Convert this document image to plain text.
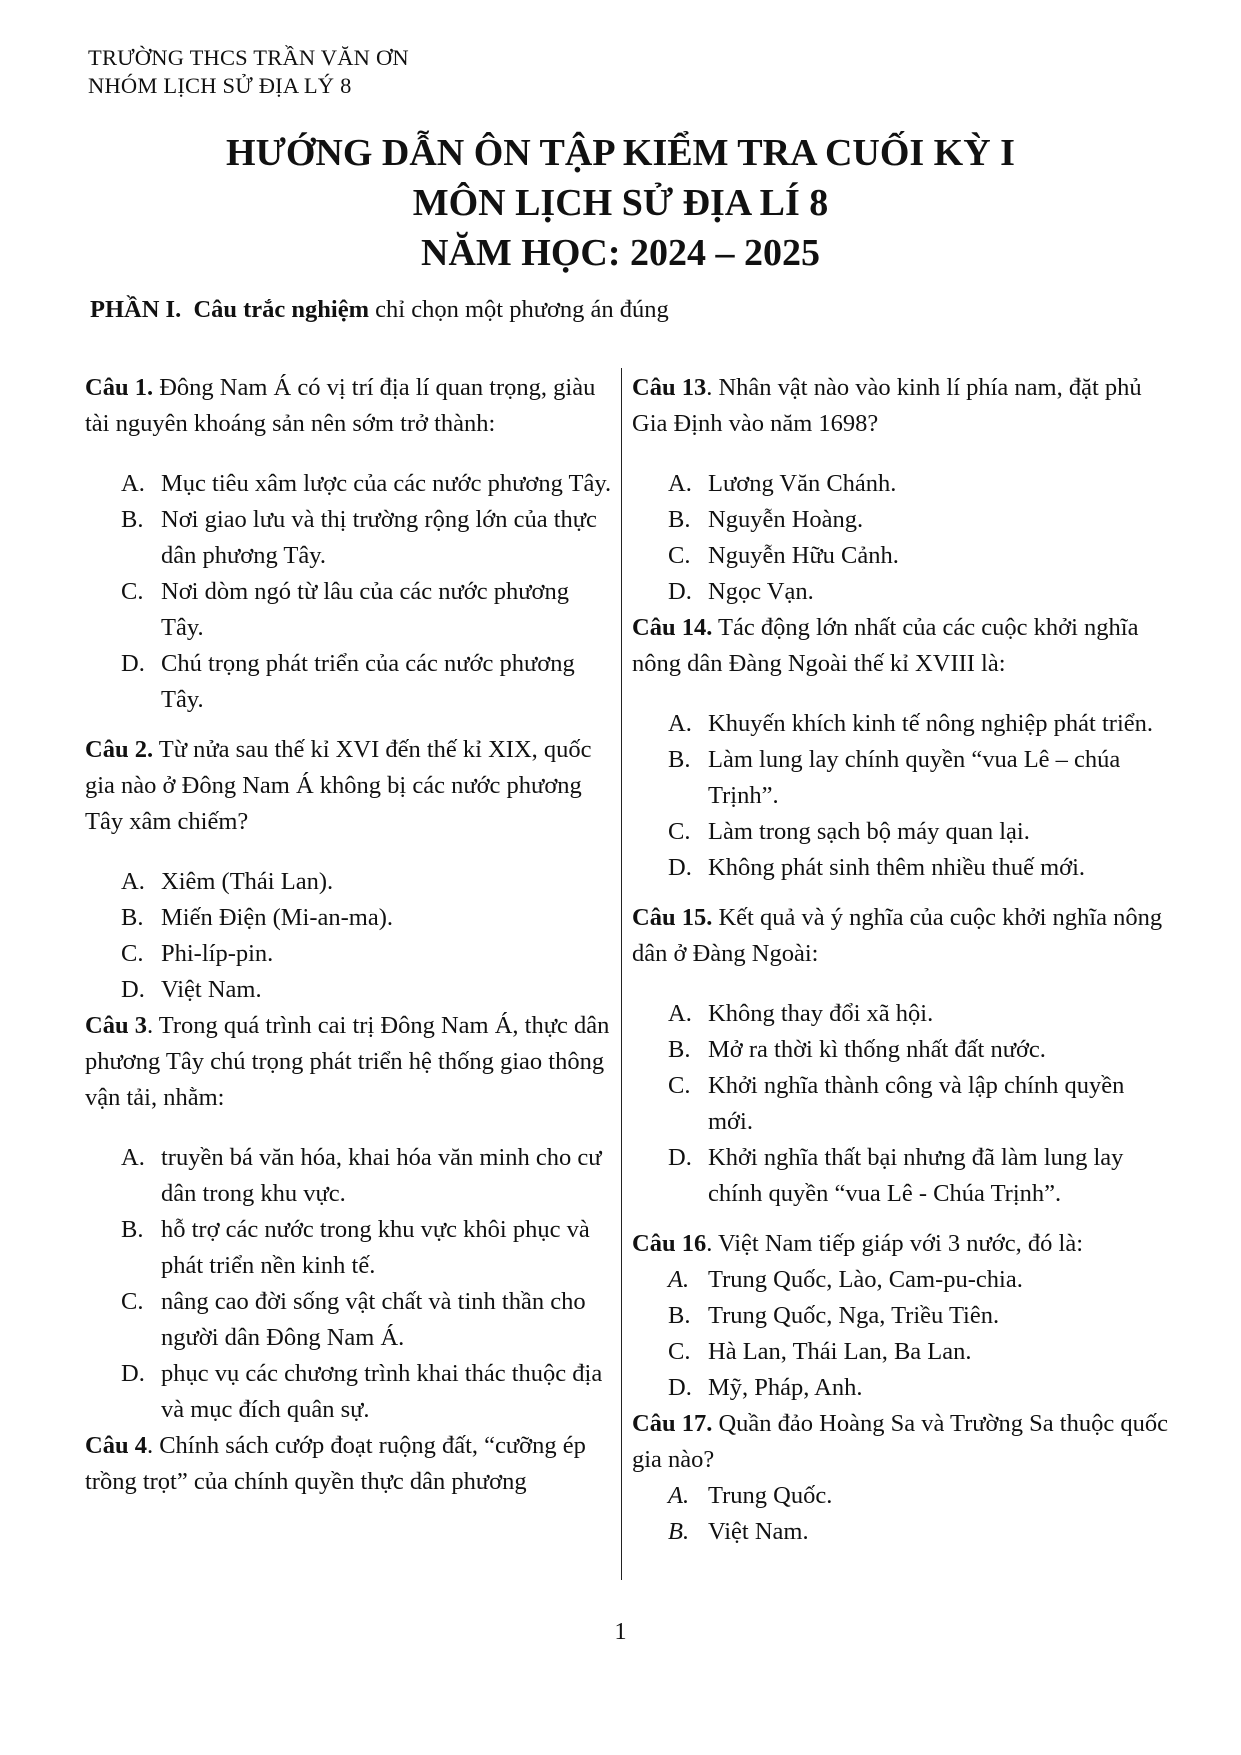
TRƯỜNG THCS TRẦN VĂN ƠN
NHÓM LỊCH SỬ ĐỊA LÝ 8
HƯỚNG DẪN ÔN TẬP KIỂM TRA CUỐI KỲ I
MÔN LỊCH SỬ ĐỊA LÍ 8
NĂM HỌC: 2024 – 2025
PHẦN I. Câu trắc nghiệm chỉ chọn một phương án đúng

Câu 1. Đông Nam Á có vị trí địa lí quan trọng, giàu tài nguyên khoáng sản nên sớm trở thành:

A. Mục tiêu xâm lược của các nước phương Tây.
B. Nơi giao lưu và thị trường rộng lớn của thực dân phương Tây.
C. Nơi dòm ngó từ lâu của các nước phương Tây.
D. Chú trọng phát triển của các nước phương Tây.

Câu 2. Từ nửa sau thế kỉ XVI đến thế kỉ XIX, quốc gia nào ở Đông Nam Á không bị các nước phương Tây xâm chiếm?

A. Xiêm (Thái Lan).
B. Miến Điện (Mi-an-ma).
C. Phi-líp-pin.
D. Việt Nam.

Câu 3. Trong quá trình cai trị Đông Nam Á, thực dân phương Tây chú trọng phát triển hệ thống giao thông vận tải, nhằm:

A. truyền bá văn hóa, khai hóa văn minh cho cư dân trong khu vực.
B. hỗ trợ các nước trong khu vực khôi phục và phát triển nền kinh tế.
C. nâng cao đời sống vật chất và tinh thần cho người dân Đông Nam Á.
D. phục vụ các chương trình khai thác thuộc địa và mục đích quân sự.

Câu 4. Chính sách cướp đoạt ruộng đất, “cưỡng ép trồng trọt” của chính quyền thực dân phương

Câu 13. Nhân vật nào vào kinh lí phía nam, đặt phủ Gia Định vào năm 1698?

A. Lương Văn Chánh.
B. Nguyễn Hoàng.
C. Nguyễn Hữu Cảnh.
D. Ngọc Vạn.

Câu 14. Tác động lớn nhất của các cuộc khởi nghĩa nông dân Đàng Ngoài thế kỉ XVIII là:

A. Khuyến khích kinh tế nông nghiệp phát triển.
B. Làm lung lay chính quyền “vua Lê – chúa Trịnh”.
C. Làm trong sạch bộ máy quan lại.
D. Không phát sinh thêm nhiều thuế mới.

Câu 15. Kết quả và ý nghĩa của cuộc khởi nghĩa nông dân ở Đàng Ngoài:

A. Không thay đổi xã hội.
B. Mở ra thời kì thống nhất đất nước.
C. Khởi nghĩa thành công và lập chính quyền mới.
D. Khởi nghĩa thất bại nhưng đã làm lung lay chính quyền “vua Lê - Chúa Trịnh”.

Câu 16. Việt Nam tiếp giáp với 3 nước, đó là:

A. Trung Quốc, Lào, Cam-pu-chia.
B. Trung Quốc, Nga, Triều Tiên.
C. Hà Lan, Thái Lan, Ba Lan.
D. Mỹ, Pháp, Anh.

Câu 17. Quần đảo Hoàng Sa và Trường Sa thuộc quốc gia nào?

A. Trung Quốc.
B. Việt Nam.
1
